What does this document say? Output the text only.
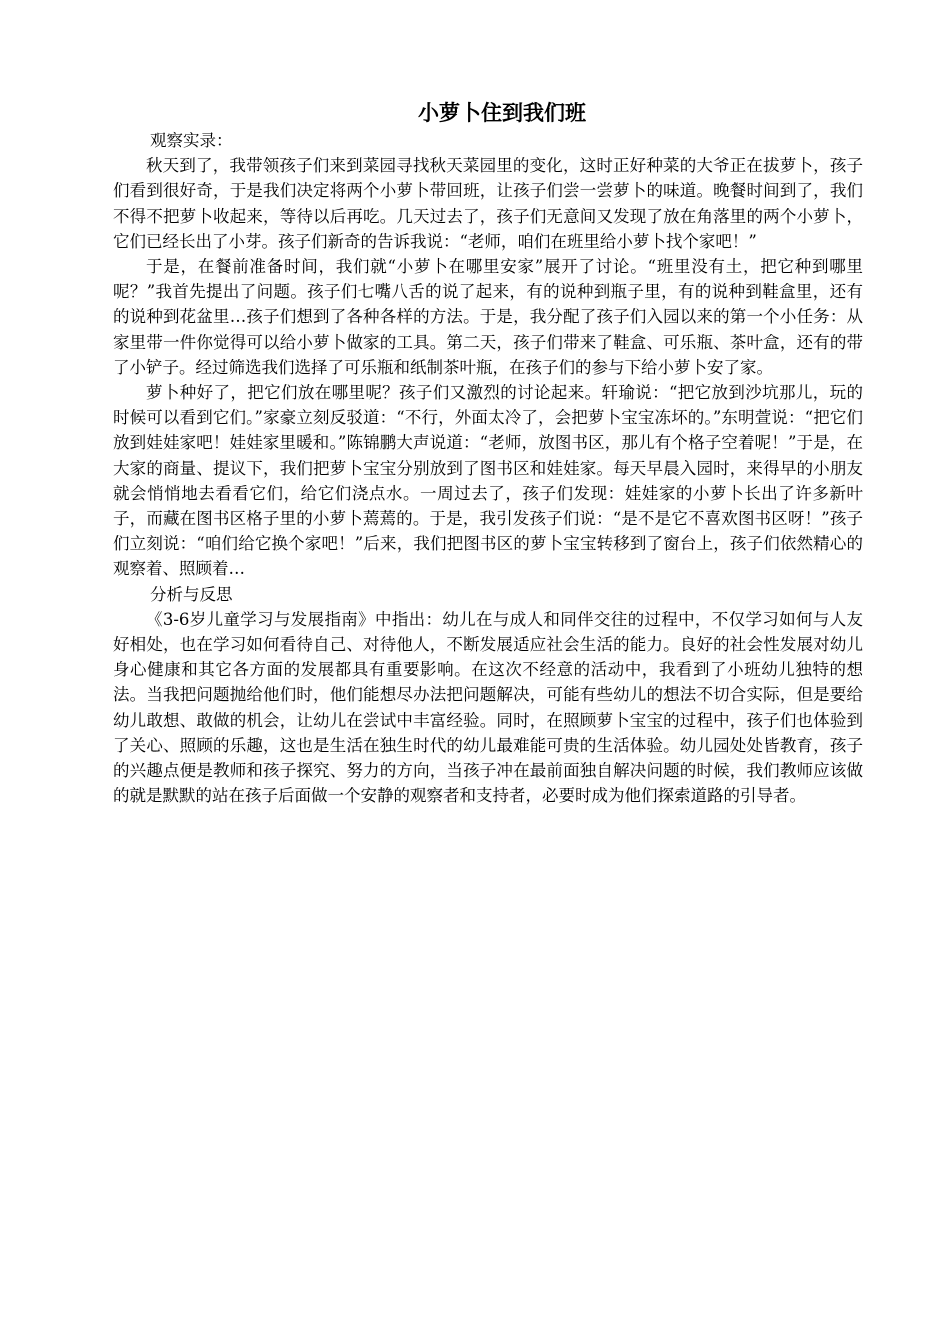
小萝卜住到我们班

观察实录：

秋天到了，我带领孩子们来到菜园寻找秋天菜园里的变化，这时正好种菜的大爷正在拔萝卜，孩子们看到很好奇，于是我们决定将两个小萝卜带回班，让孩子们尝一尝萝卜的味道。晚餐时间到了，我们不得不把萝卜收起来，等待以后再吃。几天过去了，孩子们无意间又发现了放在角落里的两个小萝卜，它们已经长出了小芽。孩子们新奇的告诉我说：“老师，咱们在班里给小萝卜找个家吧！”

于是，在餐前准备时间，我们就“小萝卜在哪里安家”展开了讨论。“班里没有土，把它种到哪里呢？”我首先提出了问题。孩子们七嘴八舌的说了起来，有的说种到瓶子里，有的说种到鞋盒里，还有的说种到花盆里…孩子们想到了各种各样的方法。于是，我分配了孩子们入园以来的第一个小任务：从家里带一件你觉得可以给小萝卜做家的工具。第二天，孩子们带来了鞋盒、可乐瓶、茶叶盒，还有的带了小铲子。经过筛选我们选择了可乐瓶和纸制茶叶瓶，在孩子们的参与下给小萝卜安了家。

萝卜种好了，把它们放在哪里呢？孩子们又激烈的讨论起来。轩瑜说：“把它放到沙坑那儿，玩的时候可以看到它们。”家豪立刻反驳道：“不行，外面太冷了，会把萝卜宝宝冻坏的。”东明萱说：“把它们放到娃娃家吧！娃娃家里暖和。”陈锦鹏大声说道：“老师，放图书区，那儿有个格子空着呢！”于是，在大家的商量、提议下，我们把萝卜宝宝分别放到了图书区和娃娃家。每天早晨入园时，来得早的小朋友就会悄悄地去看看它们，给它们浇点水。一周过去了，孩子们发现：娃娃家的小萝卜长出了许多新叶子，而藏在图书区格子里的小萝卜蔫蔫的。于是，我引发孩子们说：“是不是它不喜欢图书区呀！”孩子们立刻说：“咱们给它换个家吧！”后来，我们把图书区的萝卜宝宝转移到了窗台上，孩子们依然精心的观察着、照顾着…

分析与反思

《3-6岁儿童学习与发展指南》中指出：幼儿在与成人和同伴交往的过程中，不仅学习如何与人友好相处，也在学习如何看待自己、对待他人，不断发展适应社会生活的能力。良好的社会性发展对幼儿身心健康和其它各方面的发展都具有重要影响。在这次不经意的活动中，我看到了小班幼儿独特的想法。当我把问题抛给他们时，他们能想尽办法把问题解决，可能有些幼儿的想法不切合实际，但是要给幼儿敢想、敢做的机会，让幼儿在尝试中丰富经验。同时，在照顾萝卜宝宝的过程中，孩子们也体验到了关心、照顾的乐趣，这也是生活在独生时代的幼儿最难能可贵的生活体验。幼儿园处处皆教育，孩子的兴趣点便是教师和孩子探究、努力的方向，当孩子冲在最前面独自解决问题的时候，我们教师应该做的就是默默的站在孩子后面做一个安静的观察者和支持者，必要时成为他们探索道路的引导者。
